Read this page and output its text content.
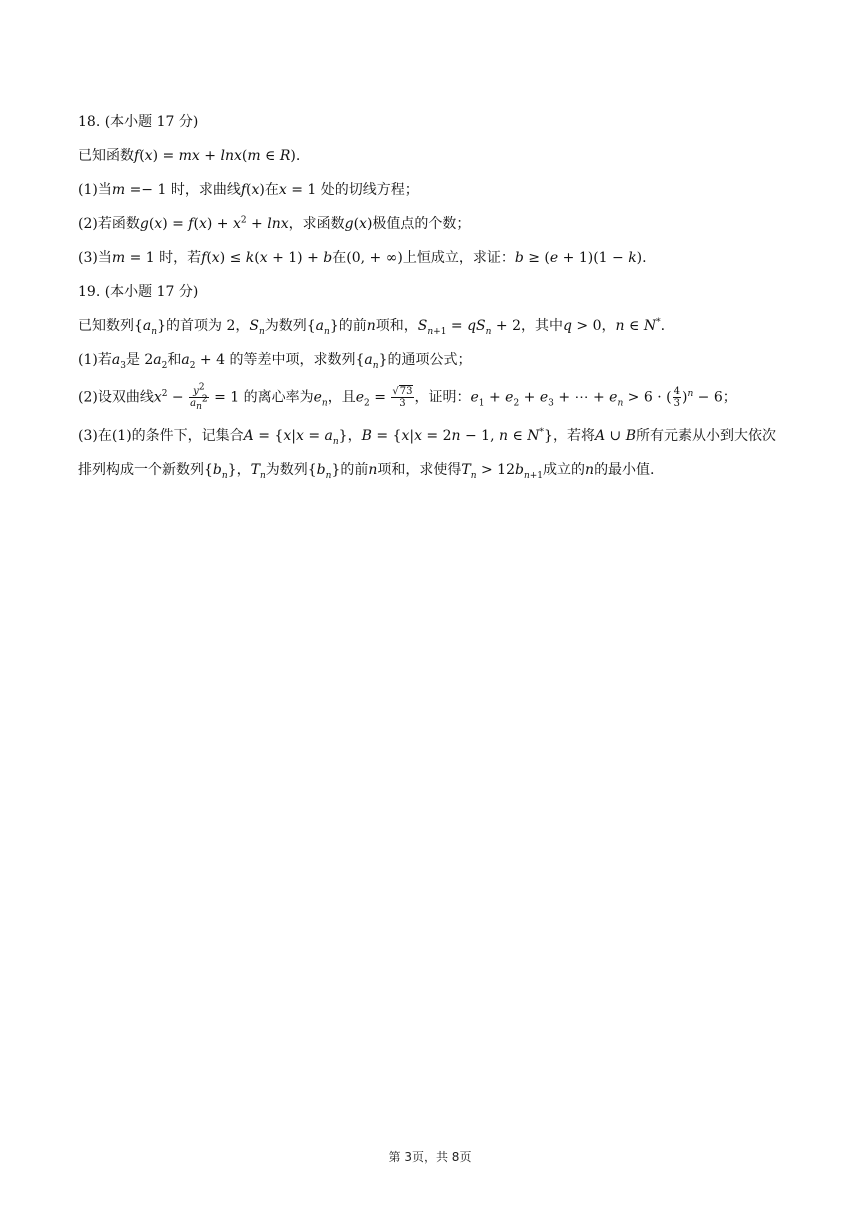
18. (本小题 17 分)
已知函数f(x) = mx + lnx(m ∈ R).
(1)当m =− 1 时，求曲线f(x)在x = 1 处的切线方程；
(2)若函数$g(x) = f(x) + x^2 + \ln x$，求函数g(x)极值点的个数；
(3)当m = 1 时，若f(x) ≤ k(x + 1) + b在(0, + ∞)上恒成立，求证：b ≥ (e + 1)(1 − k).
19. (本小题 17 分)
已知数列$\{a_n\}$的首项为 2，$S_n$为数列$\{a_n\}$的前n项和，$S_{n+1} = qS_n + 2$，其中q > 0，n ∈ N*.
(1)若$a_3$是 $2a_2$和$a_2 + 4$ 的等差中项，求数列$\{a_n\}$的通项公式；
(2)设双曲线$x^2 - \frac{y^2}{a_n^2} = 1$ 的离心率为$e_n$，且$e_2 = \frac{√73}{3}$ ，证明：$e_1 + e_2 + e_3$ + ⋯ + $e_n > 6$ · ( $\frac{4}{3} )^n - 6$；
(3)在(1)的条件下，记集合$A = \{x|x = a_n\}$，B = {x|x = 2n − 1, n ∈ N*}，若将A ∪ B所有元素从小到大依次
排列构成一个新数列$\{b_n\}$，$T_n$为数列$\{b_n\}$的前n项和，求使得$T_n > 12b_{n+1}$成立的n的最小值.
第 3页，共 8页
